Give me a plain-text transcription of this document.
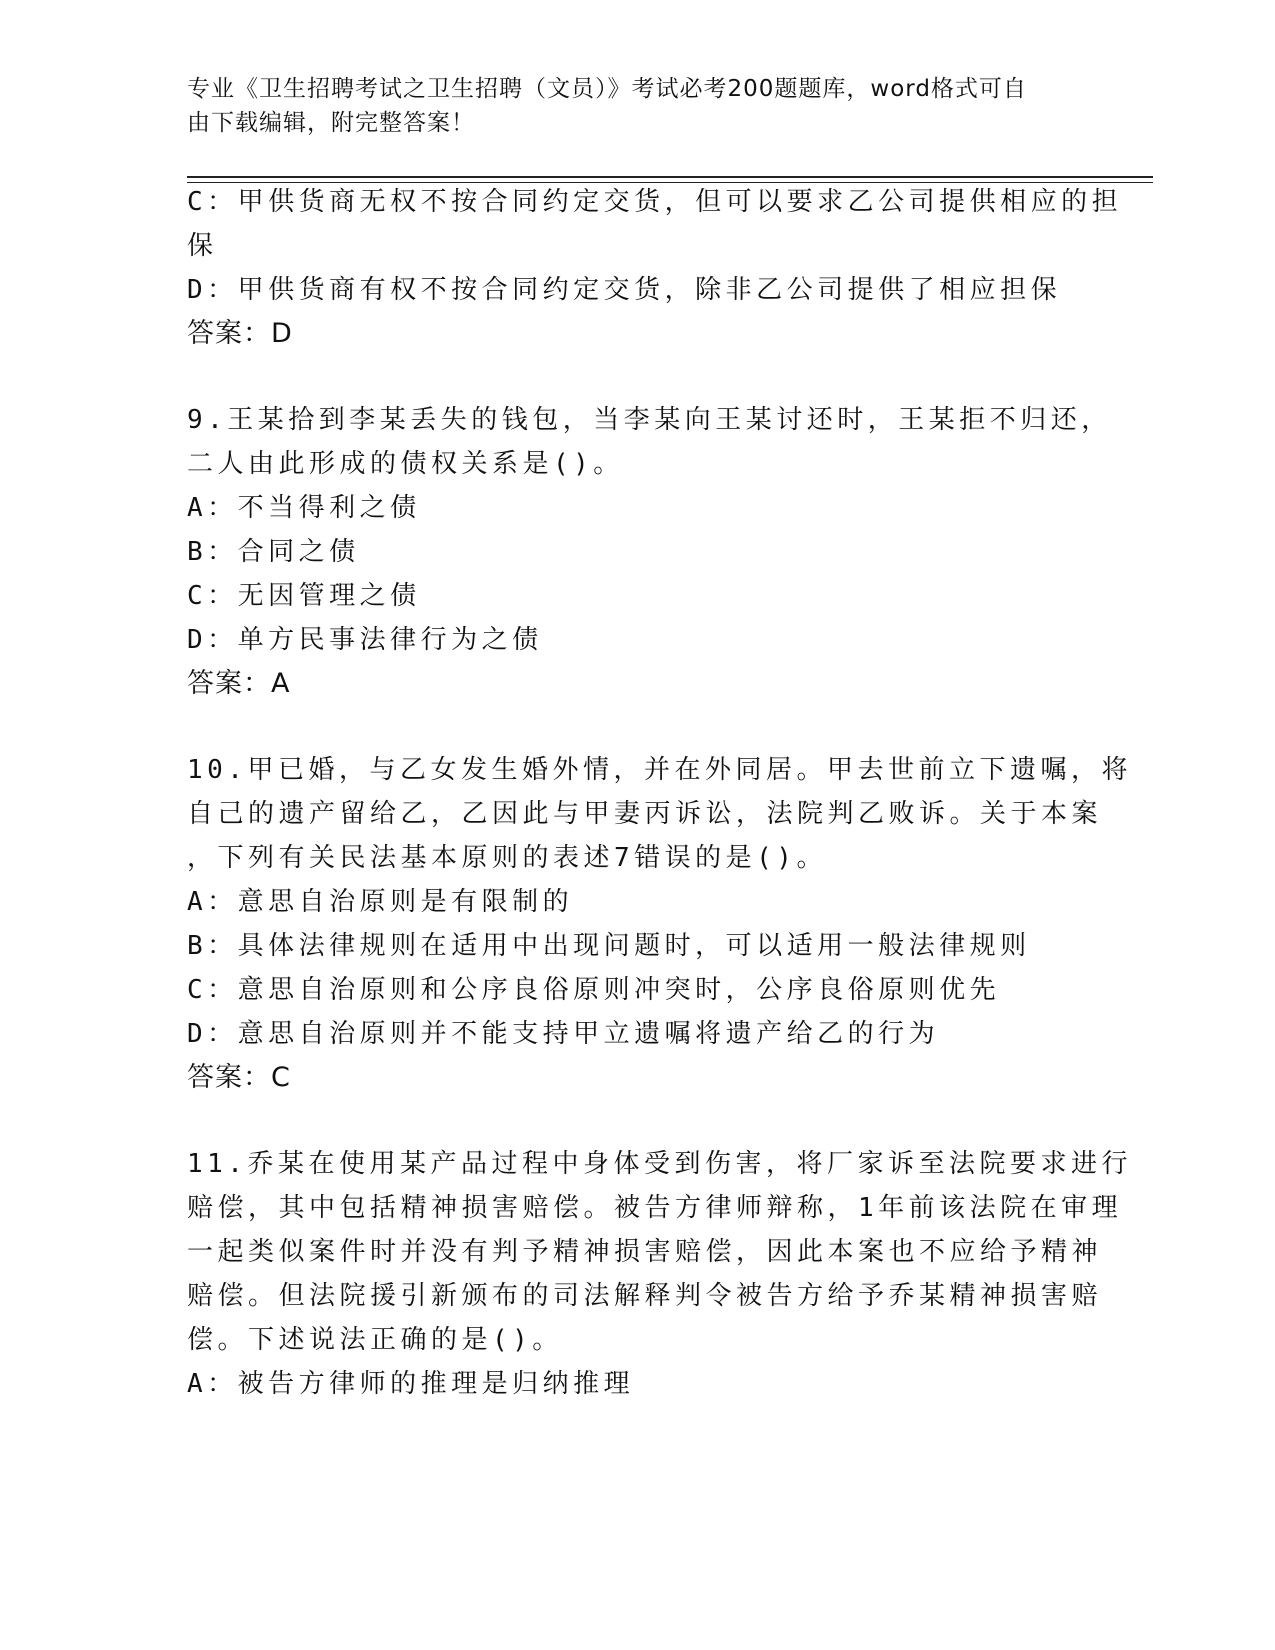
专业《卫生招聘考试之卫生招聘（文员）》考试必考200题题库，word格式可自
由下载编辑，附完整答案！
C：甲供货商无权不按合同约定交货，但可以要求乙公司提供相应的担
保
D：甲供货商有权不按合同约定交货，除非乙公司提供了相应担保
答案：D
9.王某拾到李某丢失的钱包，当李某向王某讨还时，王某拒不归还，
二人由此形成的债权关系是()。
A：不当得利之债
B：合同之债
C：无因管理之债
D：单方民事法律行为之债
答案：A
10.甲已婚，与乙女发生婚外情，并在外同居。甲去世前立下遗嘱，将
自己的遗产留给乙，乙因此与甲妻丙诉讼，法院判乙败诉。关于本案
，下列有关民法基本原则的表述7错误的是()。
A：意思自治原则是有限制的
B：具体法律规则在适用中出现问题时，可以适用一般法律规则
C：意思自治原则和公序良俗原则冲突时，公序良俗原则优先
D：意思自治原则并不能支持甲立遗嘱将遗产给乙的行为
答案：C
11.乔某在使用某产品过程中身体受到伤害，将厂家诉至法院要求进行
赔偿，其中包括精神损害赔偿。被告方律师辩称，1年前该法院在审理
一起类似案件时并没有判予精神损害赔偿，因此本案也不应给予精神
赔偿。但法院援引新颁布的司法解释判令被告方给予乔某精神损害赔
偿。下述说法正确的是()。
A：被告方律师的推理是归纳推理
